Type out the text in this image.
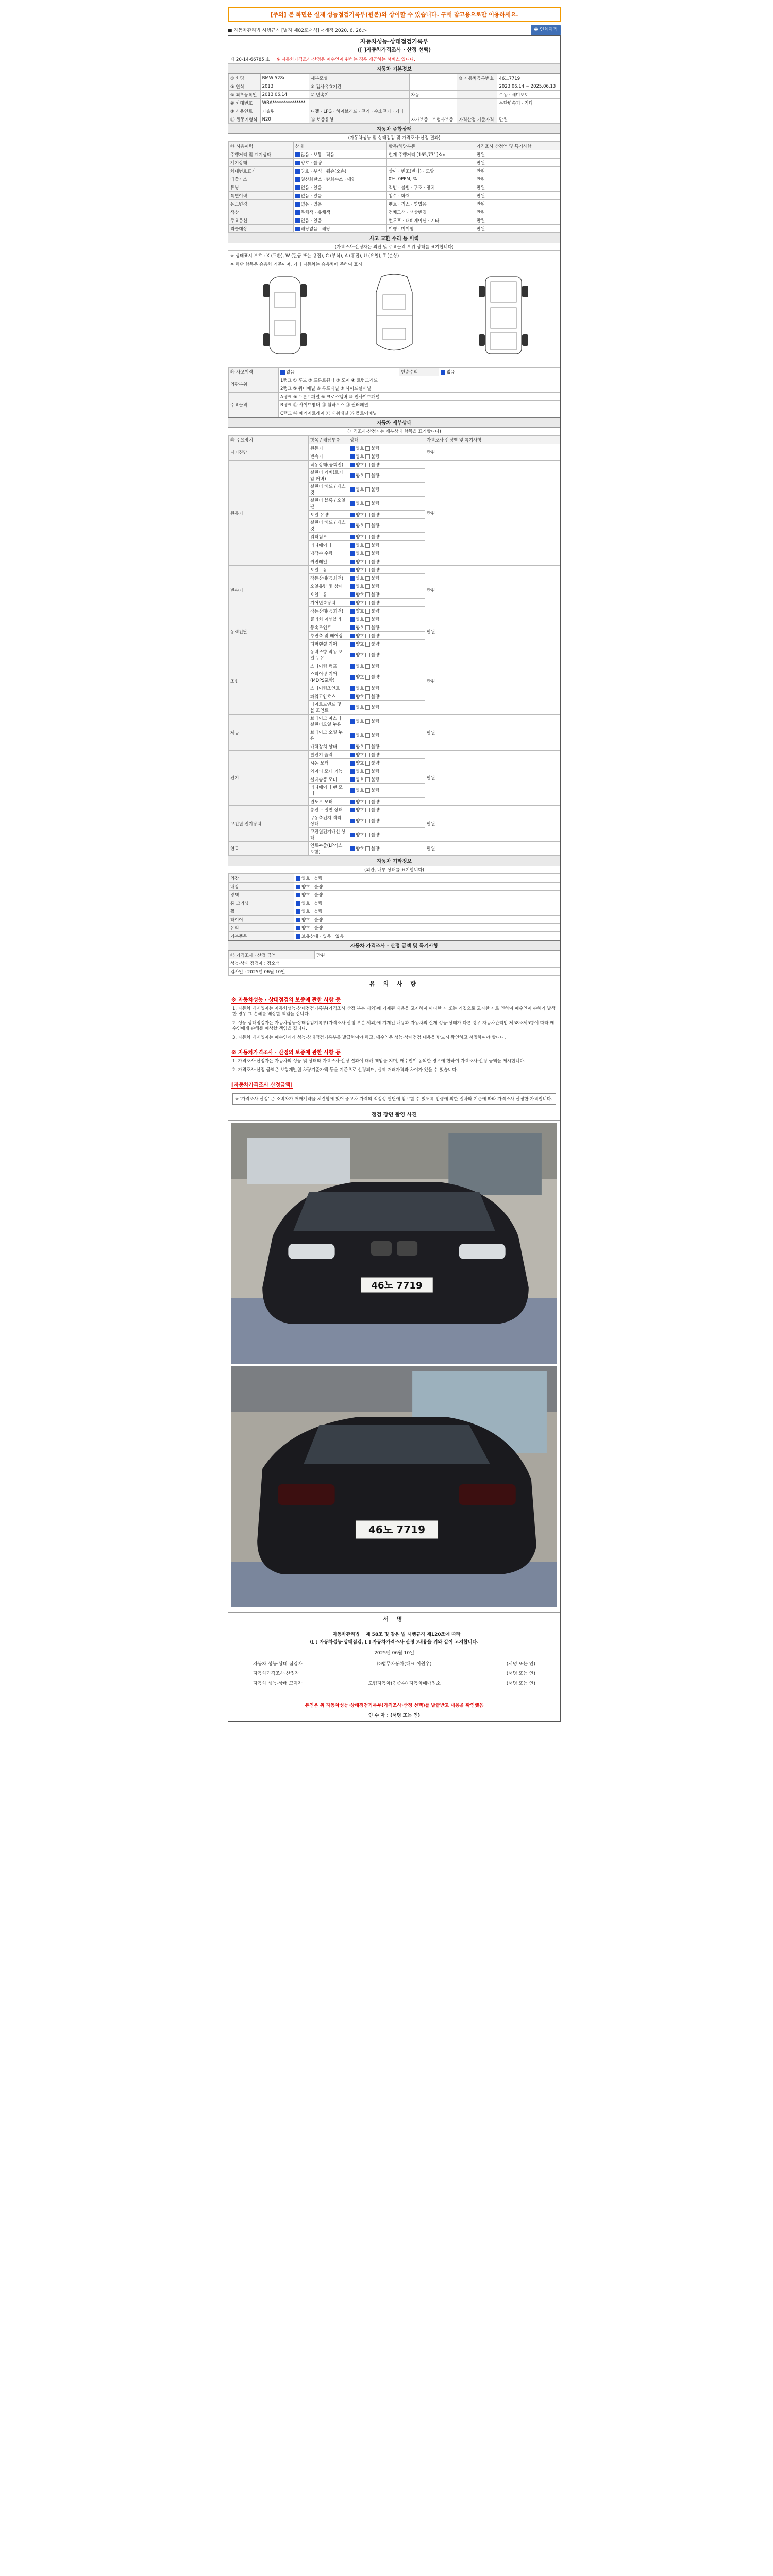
[주의] 본 화면은 실제 성능점검기록부(원본)와 상이할 수 있습니다. 구매 참고용으로만 이용하세요.
■ 자동차관리법 시행규칙 [별지 제82호서식] <개정 2020. 6. 26.>	🖶 인쇄하기
자동차성능·상태점검기록부
([ ]자동차가격조사 · 산정 선택)
제 20-14-66785 호 ※ 자동차가격조사·산정은 매수인이 원하는 경우 제공하는 서비스 입니다.
자동차 기본정보
① 차명	BMW 528i	세부모델		⑩ 자동차등록번호	46노7719
③ 연식	2013	⑧ 검사유효기간			2023.06.14 ~ 2025.06.13
⑤ 최초등록일	2013.06.14	⑦ 변속기	자동		수동 · 세미오토
⑥ 차대번호	WBA***************				무단변속기 · 기타
⑨ 사용연료	가솔린	디젤 · LPG · 하이브리드 · 전기 · 수소전기 · 기타			
⑪ 원동기형식	N20	⑫ 보증유형	자가보증 · 보험사보증	가격산정 기준가격	만원
자동차 종합상태
(자동차성능 및 상태점검 및 가격조사·산정 결과)
⑬ 사용이력	상태	항목/해당부품	가격조사 산정액 및 특기사항
주행거리 및 계기상태	많음 · 보통 · 적음	현재 주행거리 [165,771]Km	만원
계기상태	양호 · 불량		만원
차대번호표기	양호 · 부식 · 훼손(오손)	상이 · 변조(변타) · 도말	만원
배출가스	일산화탄소 · 탄화수소 · 매연	0%, 0PPM, %	만원
튜닝	없음 · 있음	적법 · 불법 · 구조 · 장치	만원
특별이력	없음 · 있음	침수 · 화재	만원
용도변경	없음 · 있음	렌트 · 리스 · 영업용	만원
색상	무채색 · 유채색	전체도색 · 색상변경	만원
주요옵션	없음 · 있음	썬루프 · 내비게이션 · 기타	만원
리콜대상	해당없음 · 해당	이행 · 미이행	만원
사고 교환 수리 등 이력
(가격조사·산정자는 외판 및 주요골격 부위 상태를 표기합니다)
※ 상태표시 부호 : X (교환), W (판금 또는 용접), C (부식), A (흠집), U (요철), T (손상)
※ 하단 항목은 승용차 기준이며, 기타 자동차는 승용차에 준하여 표시
⑭ 사고이력	없음	단순수리	없음
외판부위	1랭크 ① 후드 ② 프론트휀더 ③ 도어 ④ 트렁크리드		
	2랭크 ⑤ 쿼터패널 ⑥ 루프패널 ⑦ 사이드실패널		
주요골격	A랭크 ⑧ 프론트패널 ⑨ 크로스멤버 ⑩ 인사이드패널		
	B랭크 ⑪ 사이드멤버 ⑫ 휠하우스 ⑬ 필러패널		
	C랭크 ⑭ 패키지트레이 ⑮ 대쉬패널 ⑯ 플로어패널		
자동차 세부상태
(가격조사·산정자는 세부상태 항목을 표기합니다)
⑮ 주요장치	항목 / 해당부품	상태	가격조사 산정액 및 특기사항
자기진단	원동기	양호 불량	만원
	변속기	양호 불량	
원동기	작동상태(공회전)	양호 불량	만원
	실린더 커버(로커암 커버)	양호 불량	
	실린더 헤드 / 개스킷	양호 불량	
	실린더 블록 / 오일팬	양호 불량	
	오일 유량	양호 불량	
	실린더 헤드 / 개스킷	양호 불량	
	워터펌프	양호 불량	
	라디에이터	양호 불량	
	냉각수 수량	양호 불량	
	커먼레일	양호 불량	
변속기	오일누유	양호 불량	만원
	작동상태(공회전)	양호 불량	
	오일유량 및 상태	양호 불량	
	오일누유	양호 불량	
	기어변속장치	양호 불량	
	작동상태(공회전)	양호 불량	
동력전달	클러치 어셈블리	양호 불량	만원
	등속조인트	양호 불량	
	추진축 및 베어링	양호 불량	
	디퍼렌셜 기어	양호 불량	
조향	동력조향 작동 오일 누유	양호 불량	만원
	스티어링 펌프	양호 불량	
	스티어링 기어(MDPS포함)	양호 불량	
	스티어링조인트	양호 불량	
	파워고압호스	양호 불량	
	타이로드엔드 및 볼 조인트	양호 불량	
제동	브레이크 마스터 실린더오일 누유	양호 불량	만원
	브레이크 오일 누유	양호 불량	
	배력장치 상태	양호 불량	
전기	발전기 출력	양호 불량	만원
	시동 모터	양호 불량	
	와이퍼 모터 기능	양호 불량	
	실내송풍 모터	양호 불량	
	라디에이터 팬 모터	양호 불량	
	윈도우 모터	양호 불량	
고전원 전기장치	충전구 절연 상태	양호 불량	만원
	구동축전지 격리 상태	양호 불량	
	고전원전기배선 상태	양호 불량	
연료	연료누출(LP가스포함)	양호 불량	만원
자동차 기타정보
(외관, 내부 상태를 표기합니다)
외장	양호 · 불량
내장	양호 · 불량
광택	양호 · 불량
룸 크리닝	양호 · 불량
휠	양호 · 불량
타이어	양호 · 불량
유리	양호 · 불량
기본품목	보유상태 · 있음 · 없음
자동차 가격조사 · 산정 금액 및 특기사항
⑰ 가격조사 · 산정 금액	만원
성능·상태 점검자 : 정오석
검사일 : 2025년 06월 10일
유 의 사 항
※ 자동차성능 · 상태점검의 보증에 관한 사항 등
1. 자동차 매매업자는 자동차성능·상태점검기록부(가격조사·산정 부분 제외)에 기재된 내용을 고지하지 아니한 자 또는 거짓으로 고지한 자로 인하여 매수인이 손해가 발생한 경우 그 손해를 배상할 책임을 집니다.
2. 성능·상태점검자는 자동차성능·상태점검기록부(가격조사·산정 부분 제외)에 기재된 내용과 자동차의 실제 성능·상태가 다른 경우 자동차관리법 제58조제5항에 따라 매수인에게 손해를 배상할 책임을 집니다.
3. 자동차 매매업자는 매수인에게 성능·상태점검기록부를 발급하여야 하고, 매수인은 성능·상태점검 내용을 반드시 확인하고 서명하여야 합니다.
※ 자동차가격조사 · 산정의 보증에 관한 사항 등
1. 가격조사·산정자는 자동차의 성능 및 상태와 가격조사·산정 결과에 대해 책임을 지며, 매수인이 동의한 경우에 한하여 가격조사·산정 금액을 제시합니다.
2. 가격조사·산정 금액은 보험개발원 차량기준가액 등을 기준으로 산정되며, 실제 거래가격과 차이가 있을 수 있습니다.
[자동차가격조사 산정금액]
※ '가격조사·산정' 은 소비자가 매매계약을 체결함에 있어 중고차 가격의 적정성 판단에 참고할 수 있도록 법령에 의한 절차와 기준에 따라 가격조사·산정한 가격입니다.
점검 장면 촬영 사진
46노 7719
46노 7719
서 명
「자동차관리법」 제 58조 및 같은 법 시행규칙 제120조에 따라
([ ] 자동차성능·상태점검, [ ] 자동차가격조사·산정 )내용을 위와 같이 고지합니다.
2025년 06월 10일
자동차 성능·상태 점검자	㈜법무자동차(대표 이원우)	(서명 또는 인)
자동차가격조사·산정자	(서명 또는 인)
자동차 성능·상태 고지자	도림자동차(김종수) 자동차매매업소	(서명 또는 인)
본인은 위 자동차성능·상태점검기록부(가격조사·산정 선택)를 발급받고 내용을 확인했음
인 수 자 : (서명 또는 인)
